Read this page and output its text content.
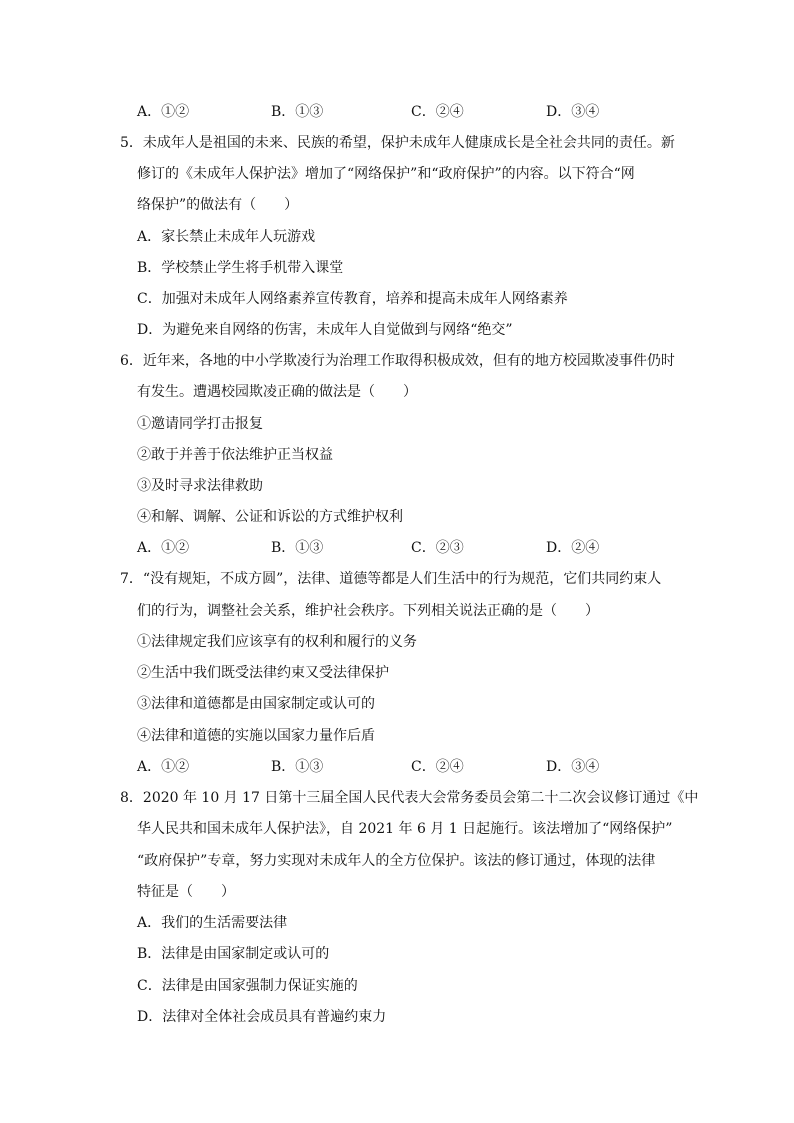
A．①②	B．①③	C．②④	D．③④
5．未成年人是祖国的未来、民族的希望，保护未成年人健康成长是全社会共同的责任。新
修订的《未成年人保护法》增加了“网络保护”和“政府保护”的内容。以下符合“网
络保护”的做法有（　　）
A．家长禁止未成年人玩游戏
B．学校禁止学生将手机带入课堂
C．加强对未成年人网络素养宣传教育，培养和提高未成年人网络素养
D．为避免来自网络的伤害，未成年人自觉做到与网络“绝交”
6．近年来，各地的中小学欺凌行为治理工作取得积极成效，但有的地方校园欺凌事件仍时
有发生。遭遇校园欺凌正确的做法是（　　）
①邀请同学打击报复
②敢于并善于依法维护正当权益
③及时寻求法律救助
④和解、调解、公证和诉讼的方式维护权利
A．①②	B．①③	C．②③	D．②④
7．“没有规矩，不成方圆”，法律、道德等都是人们生活中的行为规范，它们共同约束人
们的行为，调整社会关系，维护社会秩序。下列相关说法正确的是（　　）
①法律规定我们应该享有的权利和履行的义务
②生活中我们既受法律约束又受法律保护
③法律和道德都是由国家制定或认可的
④法律和道德的实施以国家力量作后盾
A．①②	B．①③	C．②④	D．③④
8．2020 年 10 月 17 日第十三届全国人民代表大会常务委员会第二十二次会议修订通过《中
华人民共和国未成年人保护法》，自 2021 年 6 月 1 日起施行。该法增加了“网络保护”
“政府保护”专章，努力实现对未成年人的全方位保护。该法的修订通过，体现的法律
特征是（　　）
A．我们的生活需要法律
B．法律是由国家制定或认可的
C．法律是由国家强制力保证实施的
D．法律对全体社会成员具有普遍约束力
